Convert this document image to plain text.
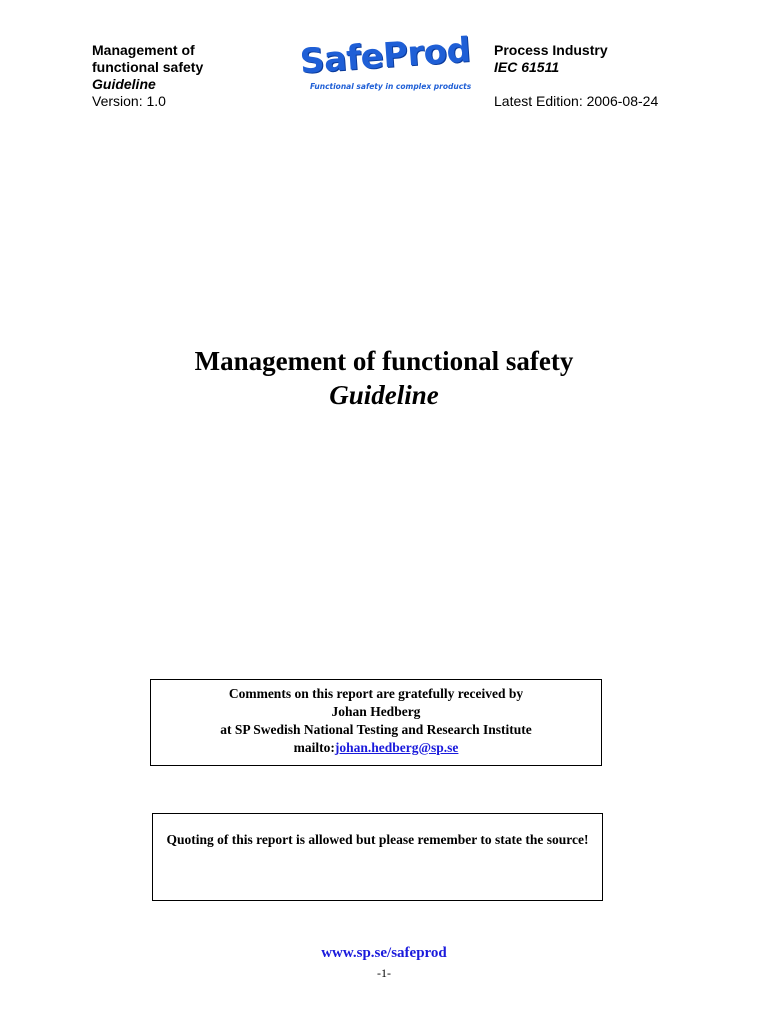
Management of
functional safety
Guideline
Version: 1.0
SafeProd
Functional safety in complex products
Process Industry
IEC 61511
Latest Edition: 2006-08-24
Management of functional safety
Guideline
Comments on this report are gratefully received by
Johan Hedberg
at SP Swedish National Testing and Research Institute
mailto:johan.hedberg@sp.se
Quoting of this report is allowed but please remember to state the source!
www.sp.se/safeprod
-1-
